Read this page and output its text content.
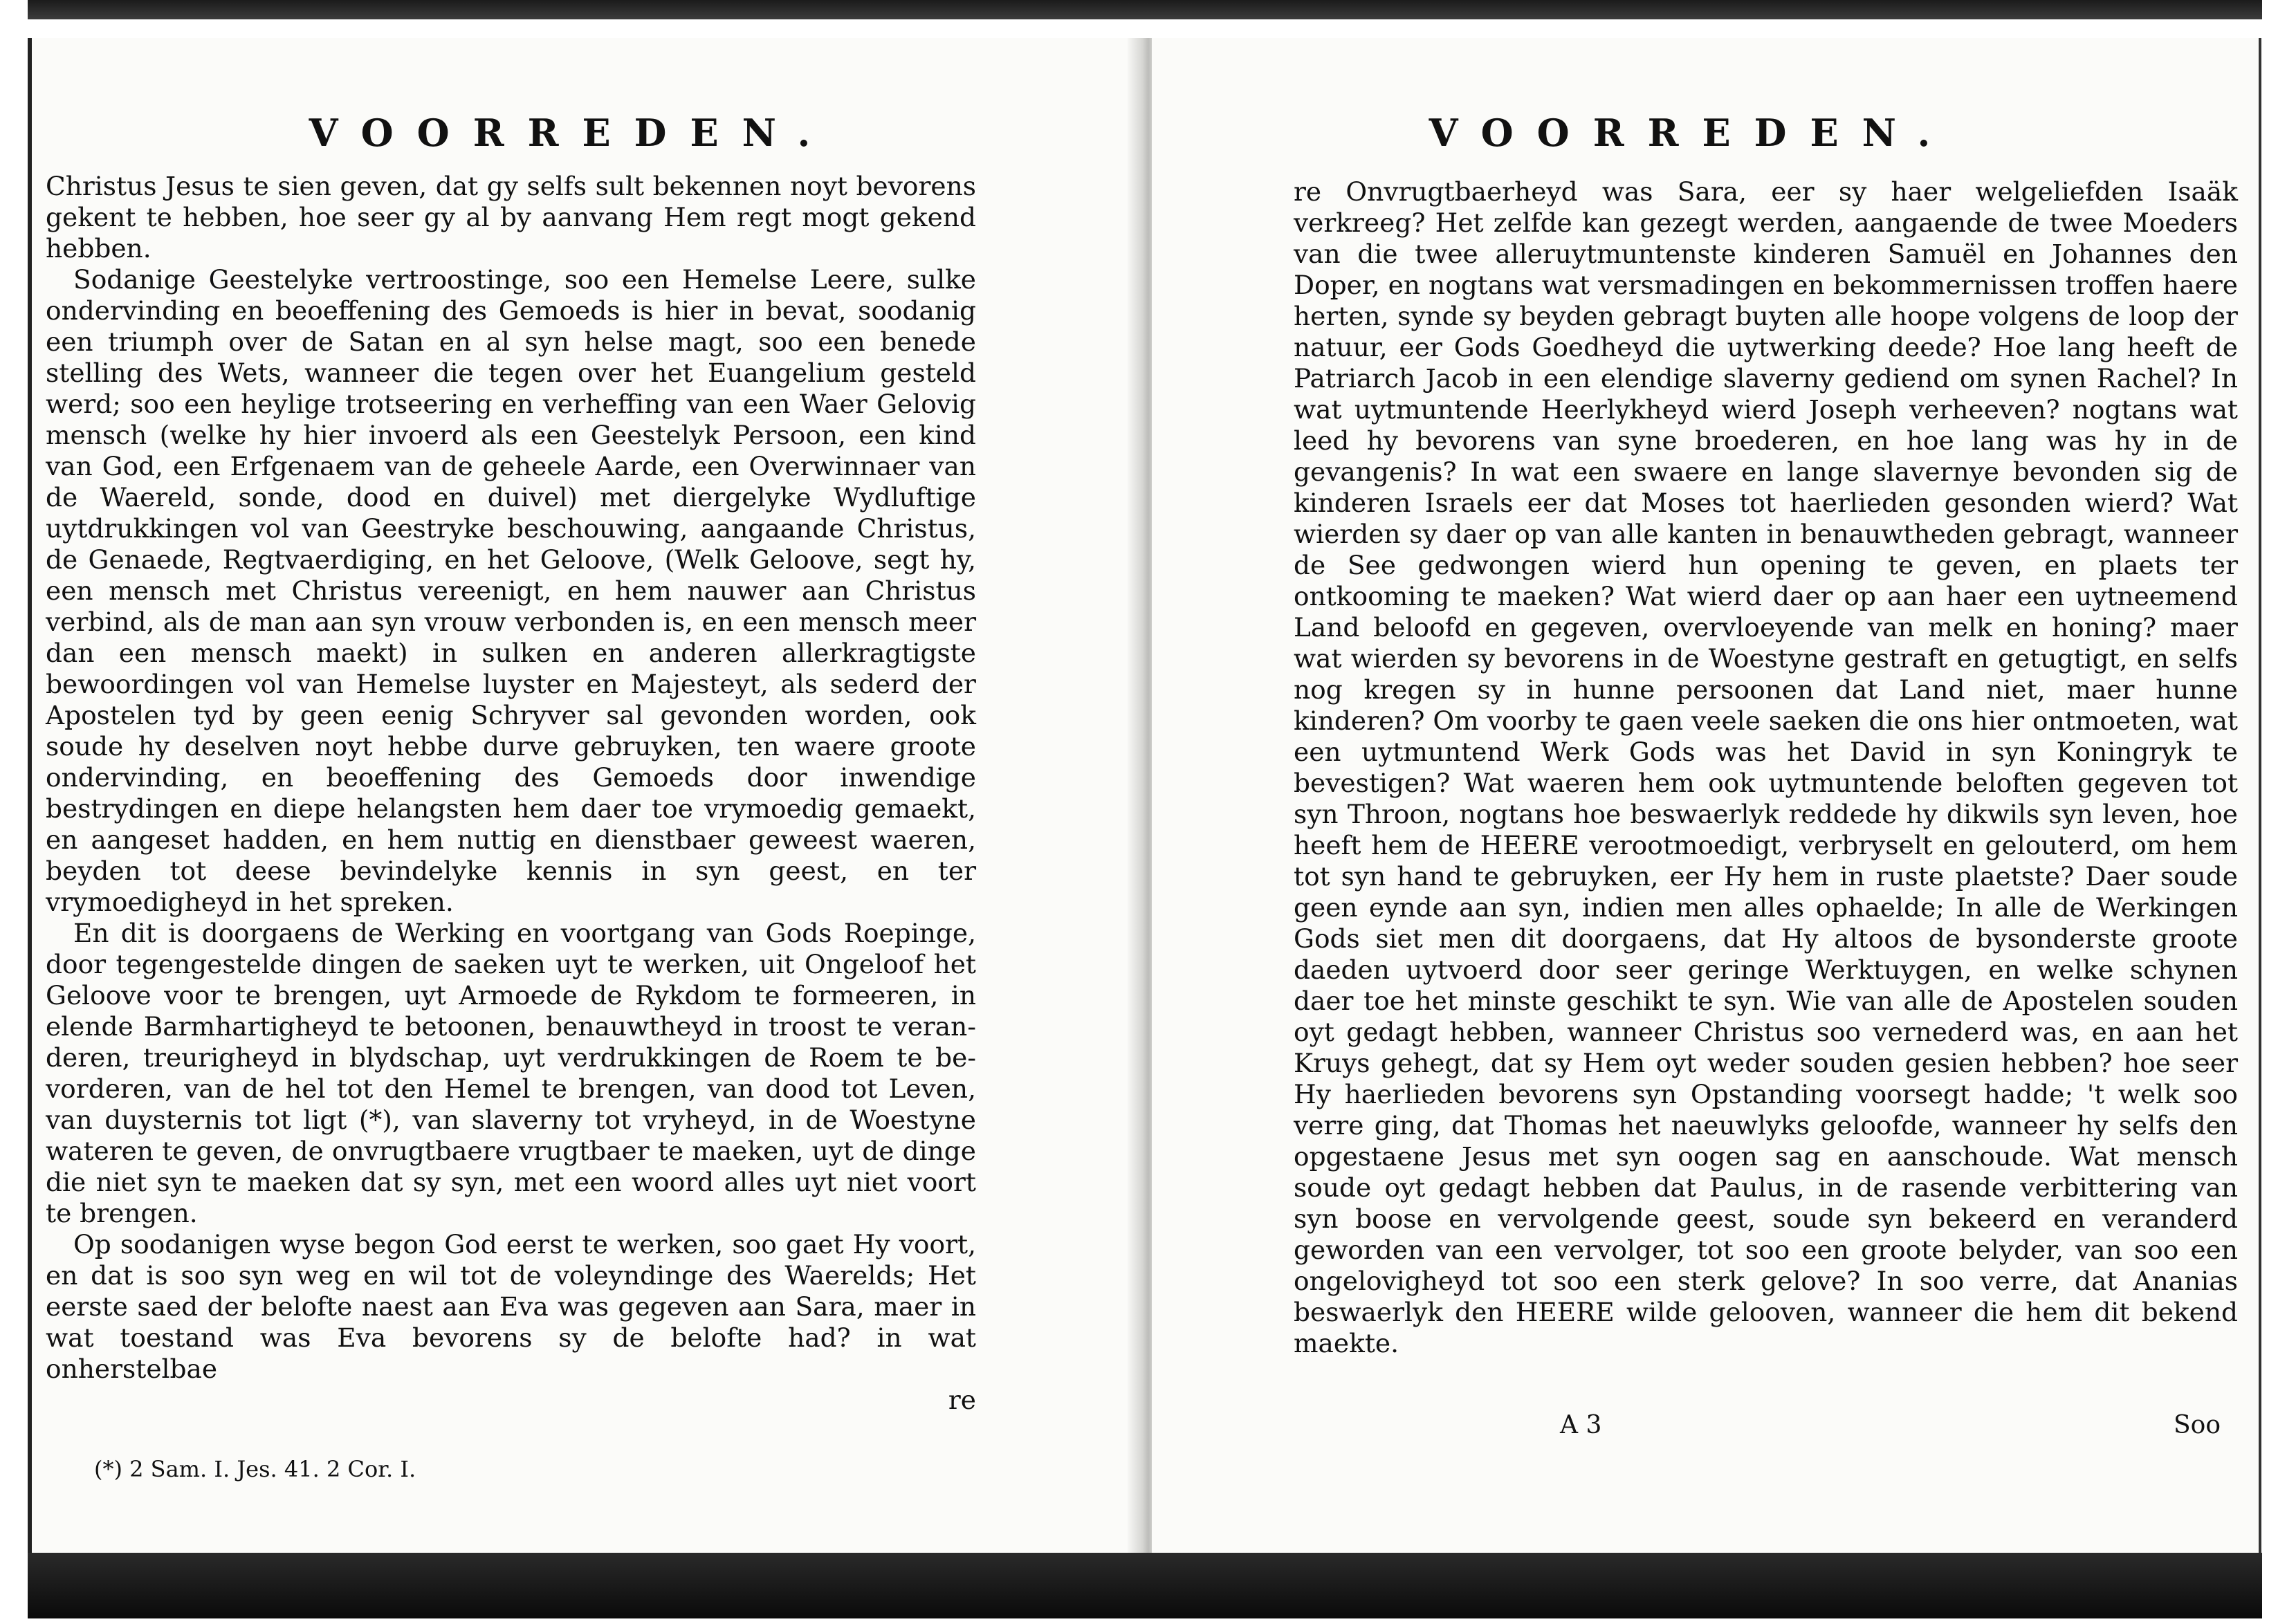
VOORREDEN.

Christus Jesus te sien geven, dat gy selfs sult bekennen noyt bevorens gekent te hebben, hoe seer gy al by aanvang Hem regt mogt gekend hebben.

Sodanige Geestelyke vertroostinge, soo een Hemelse Leere, sulke ondervinding en beoeffening des Gemoeds is hier in bevat, soodanig een triumph over de Satan en al syn helse magt, soo een benede stelling des Wets, wanneer die tegen over het Euangelium gesteld werd; soo een heylige trotseering en verheffing van een Waer Gelovig mensch (welke hy hier invoerd als een Geestelyk Persoon, een kind van God, een Erfgenaem van de geheele Aarde, een Overwinnaer van de Waereld, sonde, dood en duivel) met diergelyke Wydluftige uytdrukkingen vol van Geestryke beschouwing, aangaande Christus, de Genaede, Regtvaerdiging, en het Geloove, (Welk Geloove, segt hy, een mensch met Christus vereenigt, en hem nauwer aan Christus verbind, als de man aan syn vrouw verbonden is, en een mensch meer dan een mensch maekt) in sulken en anderen allerkragtigste bewoordingen vol van Hemelse luyster en Majesteyt, als sederd der Apostelen tyd by geen eenig Schryver sal gevonden worden, ook soude hy deselven noyt hebbe durve gebruyken, ten waere groote ondervinding, en beoeffening des Gemoeds door inwendige bestrydingen en diepe helangsten hem daer toe vrymoedig gemaekt, en aangeset hadden, en hem nuttig en dienstbaer geweest waeren, beyden tot deese bevindelyke kennis in syn geest, en ter vrymoedigheyd in het spreken.

En dit is doorgaens de Werking en voortgang van Gods Roepinge, door tegengestelde dingen de saeken uyt te werken, uit Ongeloof het Geloove voor te brengen, uyt Armoede de Rykdom te formeeren, in elende Barmhartigheyd te betoonen, benauwtheyd in troost te veranderen, treurigheyd in blydschap, uyt verdrukkingen de Roem te bevorderen, van de hel tot den Hemel te brengen, van dood tot Leven, van duysternis tot ligt (*), van slaverny tot vryheyd, in de Woestyne wateren te geven, de onvrugtbaere vrugtbaer te maeken, uyt de dinge die niet syn te maeken dat sy syn, met een woord alles uyt niet voort te brengen.

Op soodanigen wyse begon God eerst te werken, soo gaet Hy voort, en dat is soo syn weg en wil tot de voleyndinge des Waerelds; Het eerste saed der belofte naest aan Eva was gegeven aan Sara, maer in wat toestand was Eva bevorens sy de belofte had? in wat onherstelbae

re

(*) 2 Sam. I. Jes. 41. 2 Cor. I.
VOORREDEN.

re Onvrugtbaerheyd was Sara, eer sy haer welgeliefden Isaäk verkreeg? Het zelfde kan gezegt werden, aangaende de twee Moeders van die twee alleruytmuntenste kinderen Samuël en Johannes den Doper, en nogtans wat versmadingen en bekommernissen troffen haere herten, synde sy beyden gebragt buyten alle hoope volgens de loop der natuur, eer Gods Goedheyd die uytwerking deede? Hoe lang heeft de Patriarch Jacob in een elendige slaverny gediend om synen Rachel? In wat uytmuntende Heerlykheyd wierd Joseph verheeven? nogtans wat leed hy bevorens van syne broederen, en hoe lang was hy in de gevangenis? In wat een swaere en lange slavernye bevonden sig de kinderen Israels eer dat Moses tot haerlieden gesonden wierd? Wat wierden sy daer op van alle kanten in benauwtheden gebragt, wanneer de See gedwongen wierd hun opening te geven, en plaets ter ontkooming te maeken? Wat wierd daer op aan haer een uytneemend Land beloofd en gegeven, overvloeyende van melk en honing? maer wat wierden sy bevorens in de Woestyne gestraft en getugtigt, en selfs nog kregen sy in hunne persoonen dat Land niet, maer hunne kinderen? Om voorby te gaen veele saeken die ons hier ontmoeten, wat een uytmuntend Werk Gods was het David in syn Koningryk te bevestigen? Wat waeren hem ook uytmuntende beloften gegeven tot syn Throon, nogtans hoe beswaerlyk reddede hy dikwils syn leven, hoe heeft hem de HEERE verootmoedigt, verbryselt en gelouterd, om hem tot syn hand te gebruyken, eer Hy hem in ruste plaetste? Daer soude geen eynde aan syn, indien men alles ophaelde; In alle de Werkingen Gods siet men dit doorgaens, dat Hy altoos de bysonderste groote daeden uytvoerd door seer geringe Werktuygen, en welke schynen daer toe het minste geschikt te syn. Wie van alle de Apostelen souden oyt gedagt hebben, wanneer Christus soo vernederd was, en aan het Kruys gehegt, dat sy Hem oyt weder souden gesien hebben? hoe seer Hy haerlieden bevorens syn Opstanding voorsegt hadde; 't welk soo verre ging, dat Thomas het naeuwlyks geloofde, wanneer hy selfs den opgestaene Jesus met syn oogen sag en aanschoude. Wat mensch soude oyt gedagt hebben dat Paulus, in de rasende verbittering van syn boose en vervolgende geest, soude syn bekeerd en veranderd geworden van een vervolger, tot soo een groote belyder, van soo een ongelovigheyd tot soo een sterk gelove? In soo verre, dat Ananias beswaerlyk den HEERE wilde gelooven, wanneer die hem dit bekend maekte.

A 3	Soo
